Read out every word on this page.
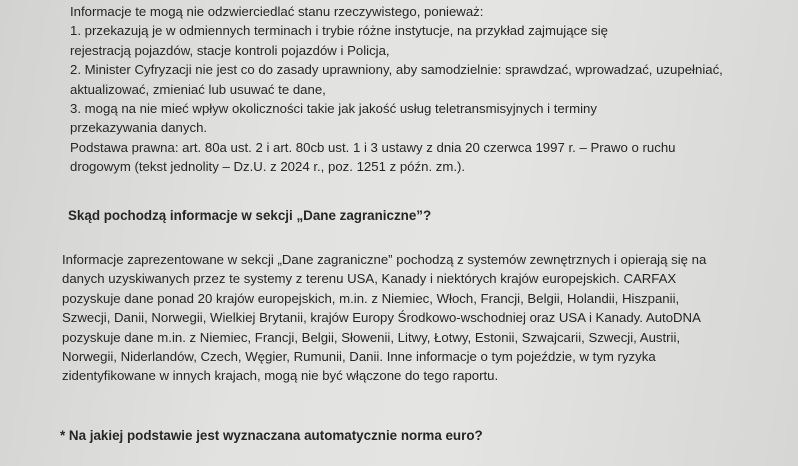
Informacje te mogą nie odzwierciedlać stanu rzeczywistego, ponieważ:
1. przekazują je w odmiennych terminach i trybie różne instytucje, na przykład zajmujące się
rejestracją pojazdów, stacje kontroli pojazdów i Policja,
2. Minister Cyfryzacji nie jest co do zasady uprawniony, aby samodzielnie: sprawdzać, wprowadzać, uzupełniać,
aktualizować, zmieniać lub usuwać te dane,
3. mogą na nie mieć wpływ okoliczności takie jak jakość usług teletransmisyjnych i terminy
przekazywania danych.
Podstawa prawna: art. 80a ust. 2 i art. 80cb ust. 1 i 3 ustawy z dnia 20 czerwca 1997 r. – Prawo o ruchu
drogowym (tekst jednolity – Dz.U. z 2024 r., poz. 1251 z późn. zm.).
Skąd pochodzą informacje w sekcji „Dane zagraniczne”?
Informacje zaprezentowane w sekcji „Dane zagraniczne” pochodzą z systemów zewnętrznych i opierają się na
danych uzyskiwanych przez te systemy z terenu USA, Kanady i niektórych krajów europejskich. CARFAX
pozyskuje dane ponad 20 krajów europejskich, m.in. z Niemiec, Włoch, Francji, Belgii, Holandii, Hiszpanii,
Szwecji, Danii, Norwegii, Wielkiej Brytanii, krajów Europy Środkowo-wschodniej oraz USA i Kanady. AutoDNA
pozyskuje dane m.in. z Niemiec, Francji, Belgii, Słowenii, Litwy, Łotwy, Estonii, Szwajcarii, Szwecji, Austrii,
Norwegii, Niderlandów, Czech, Węgier, Rumunii, Danii. Inne informacje o tym pojeździe, w tym ryzyka
zidentyfikowane w innych krajach, mogą nie być włączone do tego raportu.
* Na jakiej podstawie jest wyznaczana automatycznie norma euro?
